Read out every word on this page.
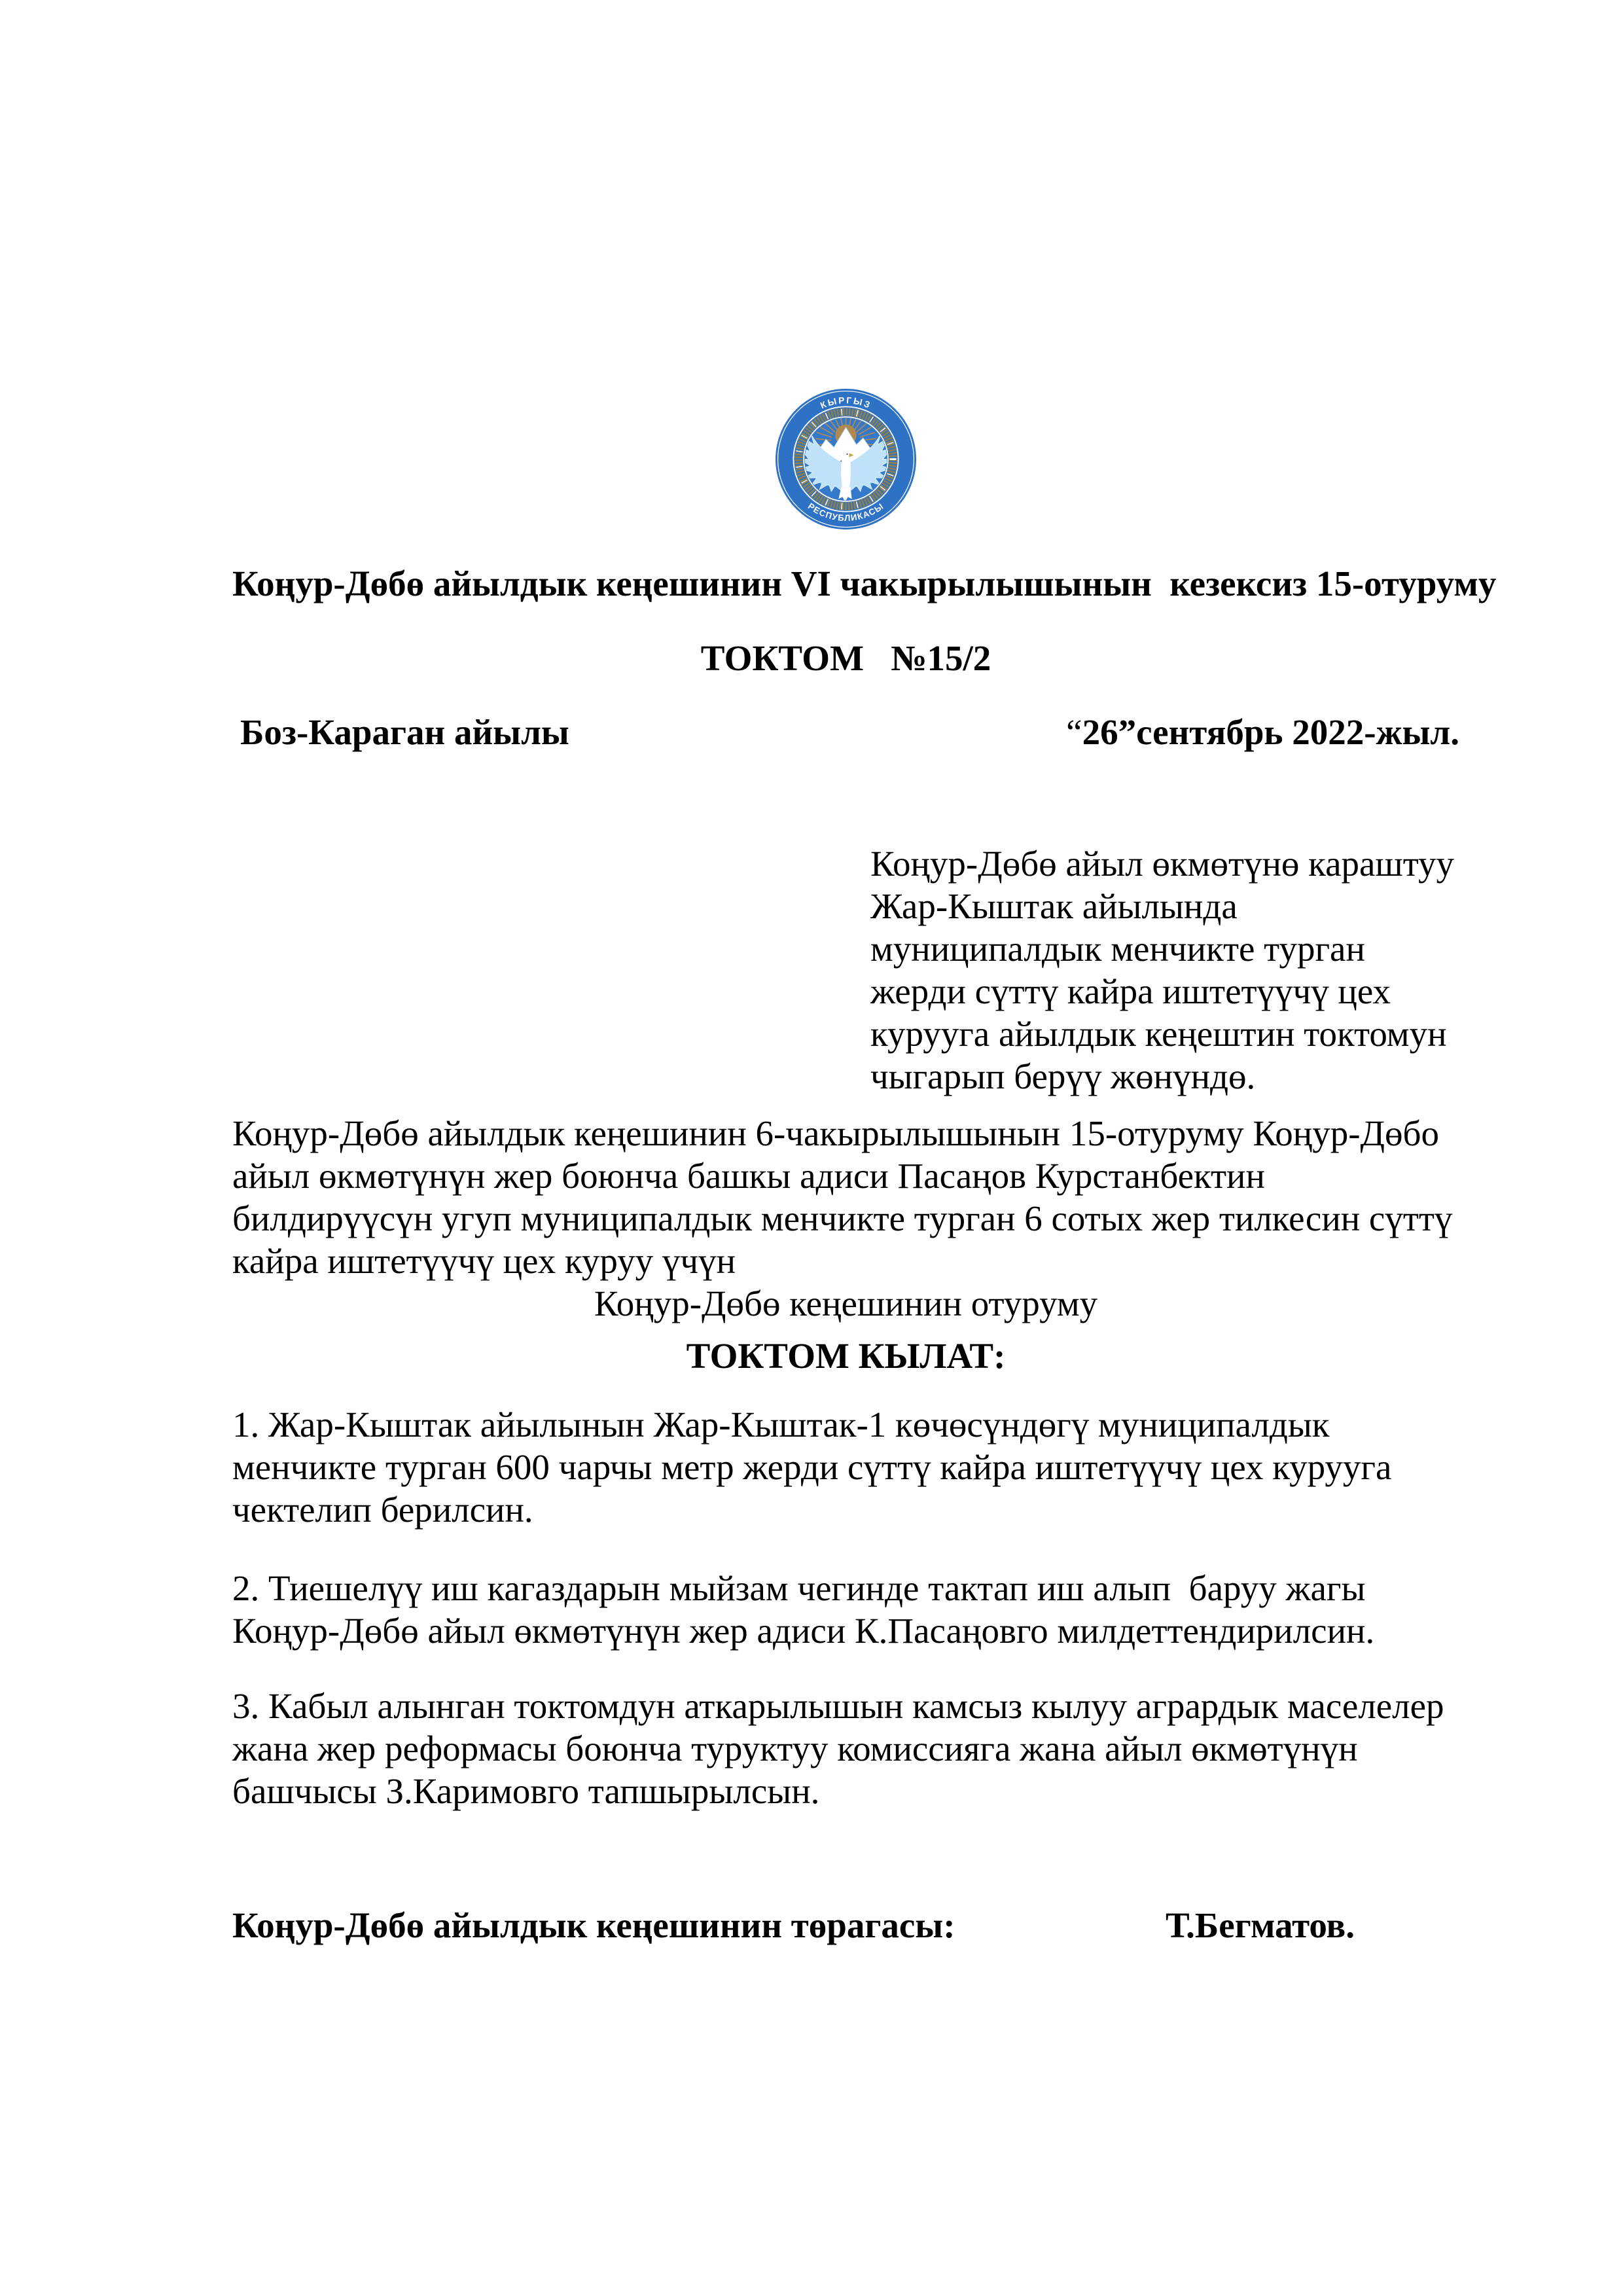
КЫРГЫЗ
РЕСПУБЛИКАСЫ

Коңур-Дөбө айылдык кеңешинин VI чакырылышынын  кезексиз 15-отуруму

ТОКТОМ   №15/2

Боз-Караган айылы	“26”сентябрь 2022-жыл.

Коңур-Дөбө айыл өкмөтүнө караштуу Жар-Кыштак айылында муниципалдык менчикте турган жерди сүттү кайра иштетүүчү цех курууга айылдык кеңештин токтомун чыгарып берүү жөнүндө.

Коңур-Дөбө айылдык кеңешинин 6-чакырылышынын 15-отуруму Коңур-Дөбо айыл өкмөтүнүн жер боюнча башкы адиси Пасаңов Курстанбектин билдирүүсүн угуп муниципалдык менчикте турган 6 сотых жер тилкесин сүттү кайра иштетүүчү цех куруу үчүн

Коңур-Дөбө кеңешинин отуруму

ТОКТОМ КЫЛАТ:

1. Жар-Кыштак айылынын Жар-Кыштак-1 көчөсүндөгү муниципалдык менчикте турган 600 чарчы метр жерди сүттү кайра иштетүүчү цех курууга чектелип берилсин.

2. Тиешелүү иш кагаздарын мыйзам чегинде тактап иш алып  баруу жагы Коңур-Дөбө айыл өкмөтүнүн жер адиси К.Пасаңовго милдеттендирилсин.

3. Кабыл алынган токтомдун аткарылышын камсыз кылуу агрардык маселелер жана жер реформасы боюнча туруктуу комиссияга жана айыл өкмөтүнүн башчысы З.Каримовго тапшырылсын.

Коңур-Дөбө айылдык кеңешинин төрагасы:	Т.Бегматов.
